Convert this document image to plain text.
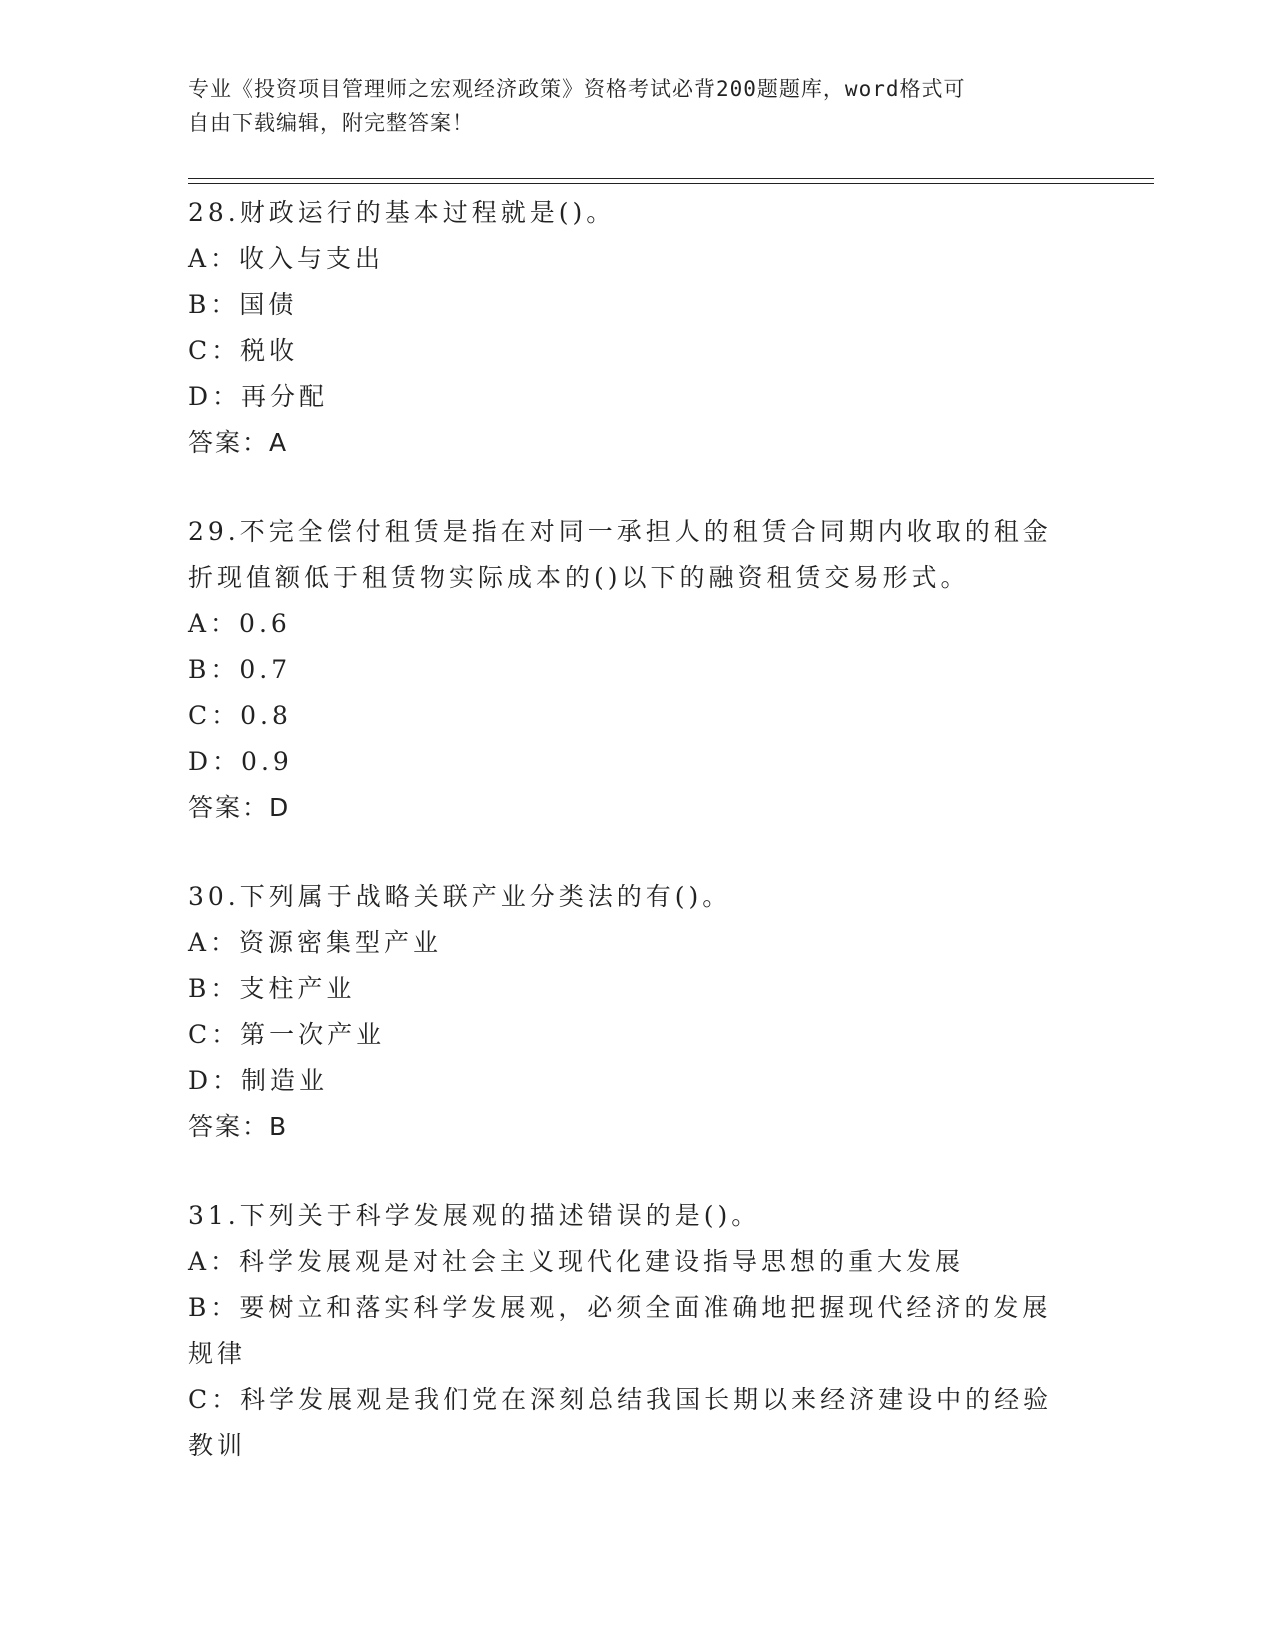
专业《投资项目管理师之宏观经济政策》资格考试必背200题题库，word格式可
自由下载编辑，附完整答案！

28.财政运行的基本过程就是()。

A：收入与支出

B：国债

C：税收

D：再分配

答案：A

29.不完全偿付租赁是指在对同一承担人的租赁合同期内收取的租金折现值额低于租赁物实际成本的()以下的融资租赁交易形式。

A：0.6

B：0.7

C：0.8

D：0.9

答案：D

30.下列属于战略关联产业分类法的有()。

A：资源密集型产业

B：支柱产业

C：第一次产业

D：制造业

答案：B

31.下列关于科学发展观的描述错误的是()。

A：科学发展观是对社会主义现代化建设指导思想的重大发展

B：要树立和落实科学发展观，必须全面准确地把握现代经济的发展规律

C：科学发展观是我们党在深刻总结我国长期以来经济建设中的经验教训
